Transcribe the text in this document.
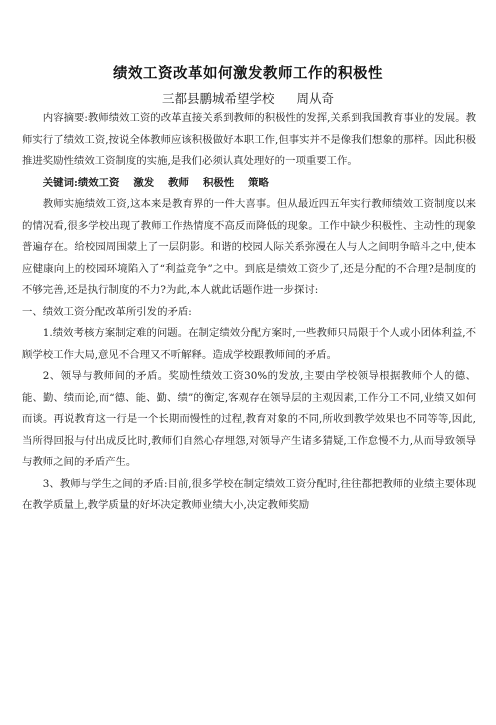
绩效工资改革如何激发教师工作的积极性
三都县鹏城希望学校 周从奇

内容摘要:教师绩效工资的改革直接关系到教师的积极性的发挥,关系到我国教育事业的发展。教师实行了绩效工资,按说全体教师应该积极做好本职工作,但事实并不是像我们想象的那样。因此积极推进奖励性绩效工资制度的实施,是我们必须认真处理好的一项重要工作。

关键词:绩效工资 激发 教师 积极性 策略

教师实施绩效工资,这本来是教育界的一件大喜事。但从最近四五年实行教师绩效工资制度以来的情况看,很多学校出现了教师工作热情度不高反而降低的现象。工作中缺少积极性、主动性的现象普遍存在。给校园周围蒙上了一层阴影。和谐的校园人际关系弥漫在人与人之间明争暗斗之中,使本应健康向上的校园环境陷入了“利益竞争”之中。到底是绩效工资少了,还是分配的不合理?是制度的不够完善,还是执行制度的不力?为此,本人就此话题作进一步探讨:

一、绩效工资分配改革所引发的矛盾:

1.绩效考核方案制定难的问题。在制定绩效分配方案时,一些教师只局限于个人或小团体利益,不顾学校工作大局,意见不合理又不听解释。造成学校跟教师间的矛盾。

2、领导与教师间的矛盾。奖励性绩效工资30%的发放,主要由学校领导根据教师个人的德、能、勤、绩而论,而“德、能、勤、绩”的衡定,客观存在领导层的主观因素,工作分工不同,业绩又如何而谈。再说教育这一行是一个长期而慢性的过程,教育对象的不同,所收到教学效果也不同等等,因此,当所得回报与付出成反比时,教师们自然心存埋怨,对领导产生诸多猜疑,工作怠慢不力,从而导致领导与教师之间的矛盾产生。

3、教师与学生之间的矛盾:目前,很多学校在制定绩效工资分配时,往往都把教师的业绩主要体现在教学质量上,教学质量的好坏决定教师业绩大小,决定教师奖励
